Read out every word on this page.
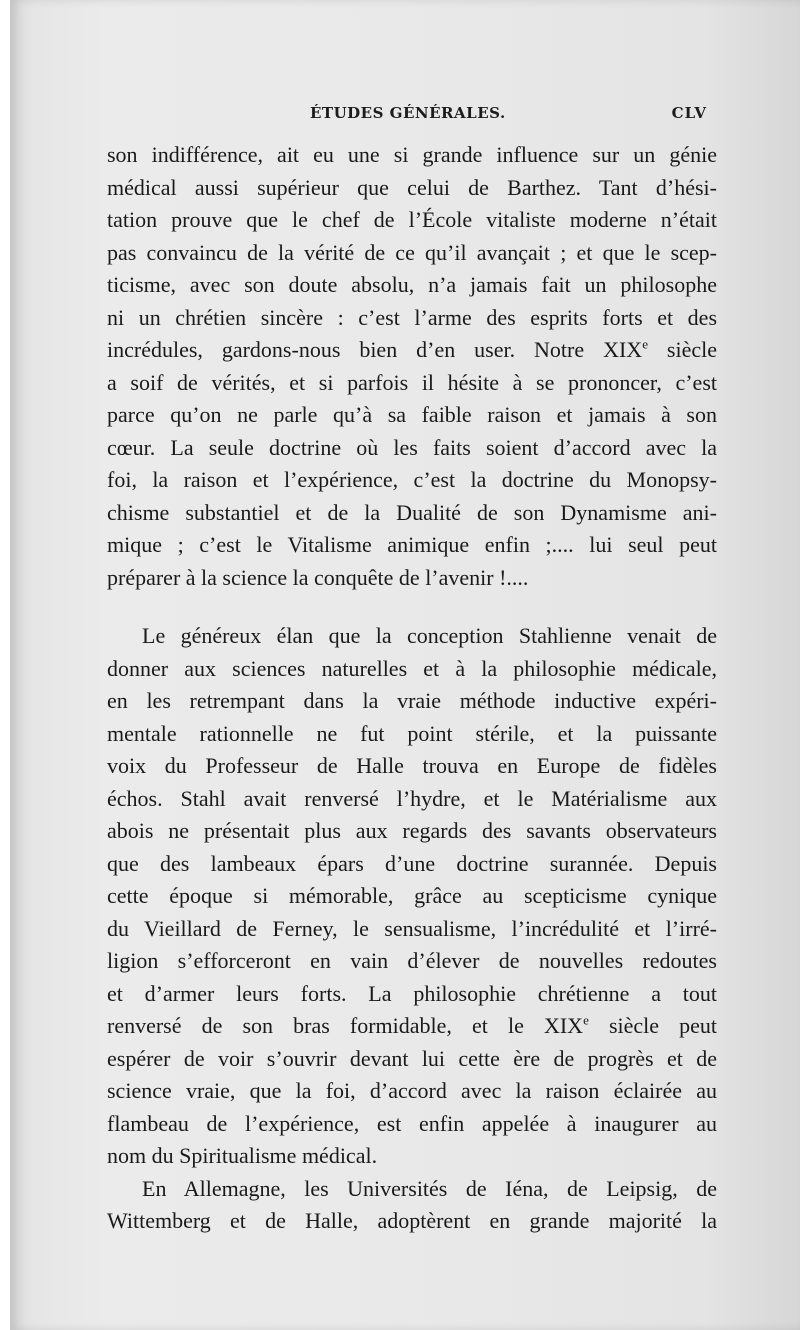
ÉTUDES GÉNÉRALES.	CLV
son indifférence, ait eu une si grande influence sur un génie
médical aussi supérieur que celui de Barthez. Tant d’hési-
tation prouve que le chef de l’École vitaliste moderne n’était
pas convaincu de la vérité de ce qu’il avançait ; et que le scep-
ticisme, avec son doute absolu, n’a jamais fait un philosophe
ni un chrétien sincère : c’est l’arme des esprits forts et des
incrédules, gardons-nous bien d’en user. Notre XIXe siècle
a soif de vérités, et si parfois il hésite à se prononcer, c’est
parce qu’on ne parle qu’à sa faible raison et jamais à son
cœur. La seule doctrine où les faits soient d’accord avec la
foi, la raison et l’expérience, c’est la doctrine du Monopsy-
chisme substantiel et de la Dualité de son Dynamisme ani-
mique ; c’est le Vitalisme animique enfin ;.... lui seul peut
préparer à la science la conquête de l’avenir !....
Le généreux élan que la conception Stahlienne venait de
donner aux sciences naturelles et à la philosophie médicale,
en les retrempant dans la vraie méthode inductive expéri-
mentale rationnelle ne fut point stérile, et la puissante
voix du Professeur de Halle trouva en Europe de fidèles
échos. Stahl avait renversé l’hydre, et le Matérialisme aux
abois ne présentait plus aux regards des savants observateurs
que des lambeaux épars d’une doctrine surannée. Depuis
cette époque si mémorable, grâce au scepticisme cynique
du Vieillard de Ferney, le sensualisme, l’incrédulité et l’irré-
ligion s’efforceront en vain d’élever de nouvelles redoutes
et d’armer leurs forts. La philosophie chrétienne a tout
renversé de son bras formidable, et le XIXe siècle peut
espérer de voir s’ouvrir devant lui cette ère de progrès et de
science vraie, que la foi, d’accord avec la raison éclairée au
flambeau de l’expérience, est enfin appelée à inaugurer au
nom du Spiritualisme médical.
En Allemagne, les Universités de Iéna, de Leipsig, de
Wittemberg et de Halle, adoptèrent en grande majorité la
